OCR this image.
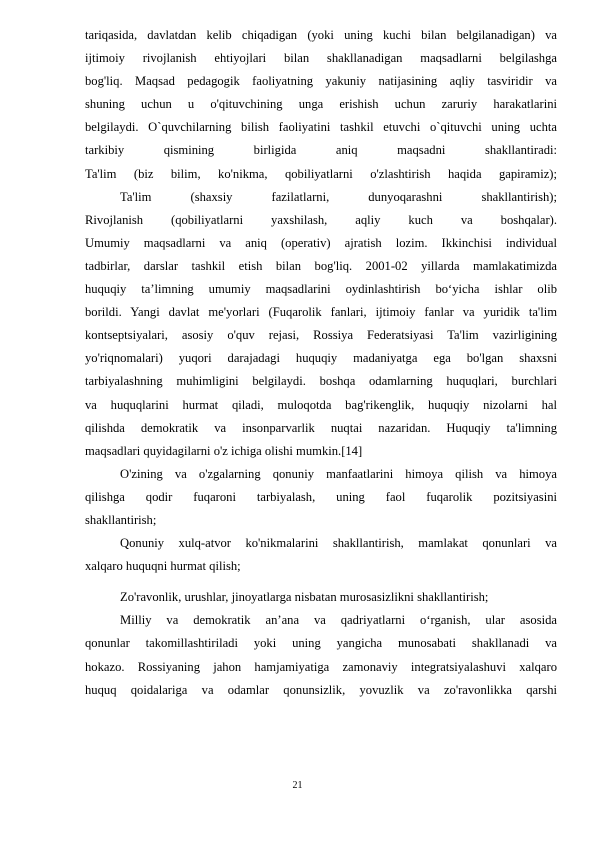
tariqasida, davlatdan kelib chiqadigan (yoki uning kuchi bilan belgilanadigan) va

ijtimoiy rivojlanish ehtiyojlari bilan shakllanadigan maqsadlarni belgilashga

bog'liq. Maqsad pedagogik faoliyatning yakuniy natijasining aqliy tasviridir va

shuning uchun u o'qituvchining unga erishish uchun zaruriy harakatlarini

belgilaydi. O`quvchilarning bilish faoliyatini tashkil etuvchi o`qituvchi uning uchta

tarkibiy qismining birligida aniq maqsadni shakllantiradi:

Ta'lim (biz bilim, ko'nikma, qobiliyatlarni o'zlashtirish haqida gapiramiz);

Ta'lim (shaxsiy fazilatlarni, dunyoqarashni shakllantirish);

Rivojlanish (qobiliyatlarni yaxshilash, aqliy kuch va boshqalar).

Umumiy maqsadlarni va aniq (operativ) ajratish lozim. Ikkinchisi individual

tadbirlar, darslar tashkil etish bilan bog'liq. 2001-02 yillarda mamlakatimizda

huquqiy ta’limning umumiy maqsadlarini oydinlashtirish bo‘yicha ishlar olib

borildi. Yangi davlat me'yorlari (Fuqarolik fanlari, ijtimoiy fanlar va yuridik ta'lim

kontseptsiyalari, asosiy o'quv rejasi, Rossiya Federatsiyasi Ta'lim vazirligining

yo'riqnomalari) yuqori darajadagi huquqiy madaniyatga ega bo'lgan shaxsni

tarbiyalashning muhimligini belgilaydi. boshqa odamlarning huquqlari, burchlari

va huquqlarini hurmat qiladi, muloqotda bag'rikenglik, huquqiy nizolarni hal

qilishda demokratik va insonparvarlik nuqtai nazaridan. Huquqiy ta'limning

maqsadlari quyidagilarni o'z ichiga olishi mumkin.[14]

O'zining va o'zgalarning qonuniy manfaatlarini himoya qilish va himoya

qilishga qodir fuqaroni tarbiyalash, uning faol fuqarolik pozitsiyasini

shakllantirish;

Qonuniy xulq-atvor ko'nikmalarini shakllantirish, mamlakat qonunlari va

xalqaro huquqni hurmat qilish;

Zo'ravonlik, urushlar, jinoyatlarga nisbatan murosasizlikni shakllantirish;

Milliy va demokratik an’ana va qadriyatlarni o‘rganish, ular asosida

qonunlar takomillashtiriladi yoki uning yangicha munosabati shakllanadi va

hokazo. Rossiyaning jahon hamjamiyatiga zamonaviy integratsiyalashuvi xalqaro

huquq qoidalariga va odamlar qonunsizlik, yovuzlik va zo'ravonlikka qarshi

21
